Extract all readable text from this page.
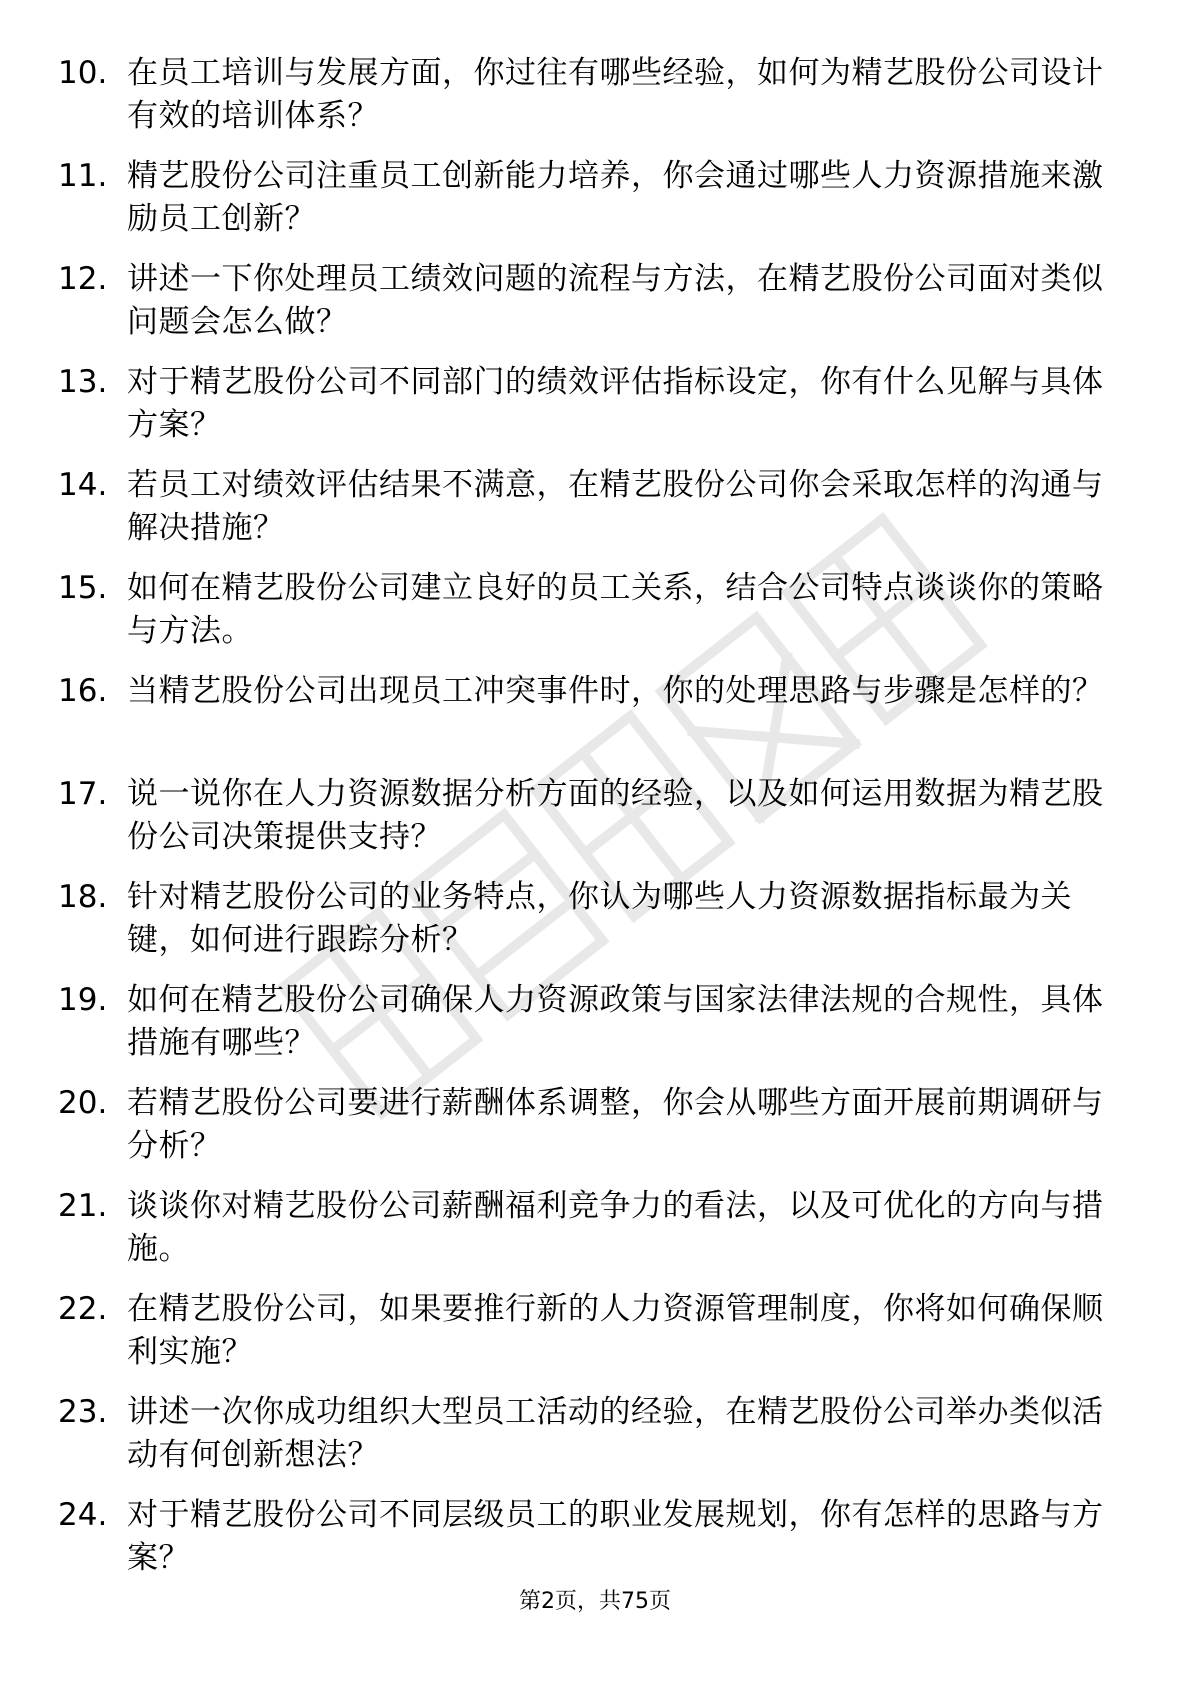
10. 在员工培训与发展方面，你过往有哪些经验，如何为精艺股份公司设计有效的培训体系？
11. 精艺股份公司注重员工创新能力培养，你会通过哪些人力资源措施来激励员工创新？
12. 讲述一下你处理员工绩效问题的流程与方法，在精艺股份公司面对类似问题会怎么做？
13. 对于精艺股份公司不同部门的绩效评估指标设定，你有什么见解与具体方案？
14. 若员工对绩效评估结果不满意，在精艺股份公司你会采取怎样的沟通与解决措施？
15. 如何在精艺股份公司建立良好的员工关系，结合公司特点谈谈你的策略与方法。
16. 当精艺股份公司出现员工冲突事件时，你的处理思路与步骤是怎样的？
17. 说一说你在人力资源数据分析方面的经验，以及如何运用数据为精艺股份公司决策提供支持？
18. 针对精艺股份公司的业务特点，你认为哪些人力资源数据指标最为关键，如何进行跟踪分析？
19. 如何在精艺股份公司确保人力资源政策与国家法律法规的合规性，具体措施有哪些？
20. 若精艺股份公司要进行薪酬体系调整，你会从哪些方面开展前期调研与分析？
21. 谈谈你对精艺股份公司薪酬福利竞争力的看法，以及可优化的方向与措施。
22. 在精艺股份公司，如果要推行新的人力资源管理制度，你将如何确保顺利实施？
23. 讲述一次你成功组织大型员工活动的经验，在精艺股份公司举办类似活动有何创新想法？
24. 对于精艺股份公司不同层级员工的职业发展规划，你有怎样的思路与方案？
第2页，共75页
